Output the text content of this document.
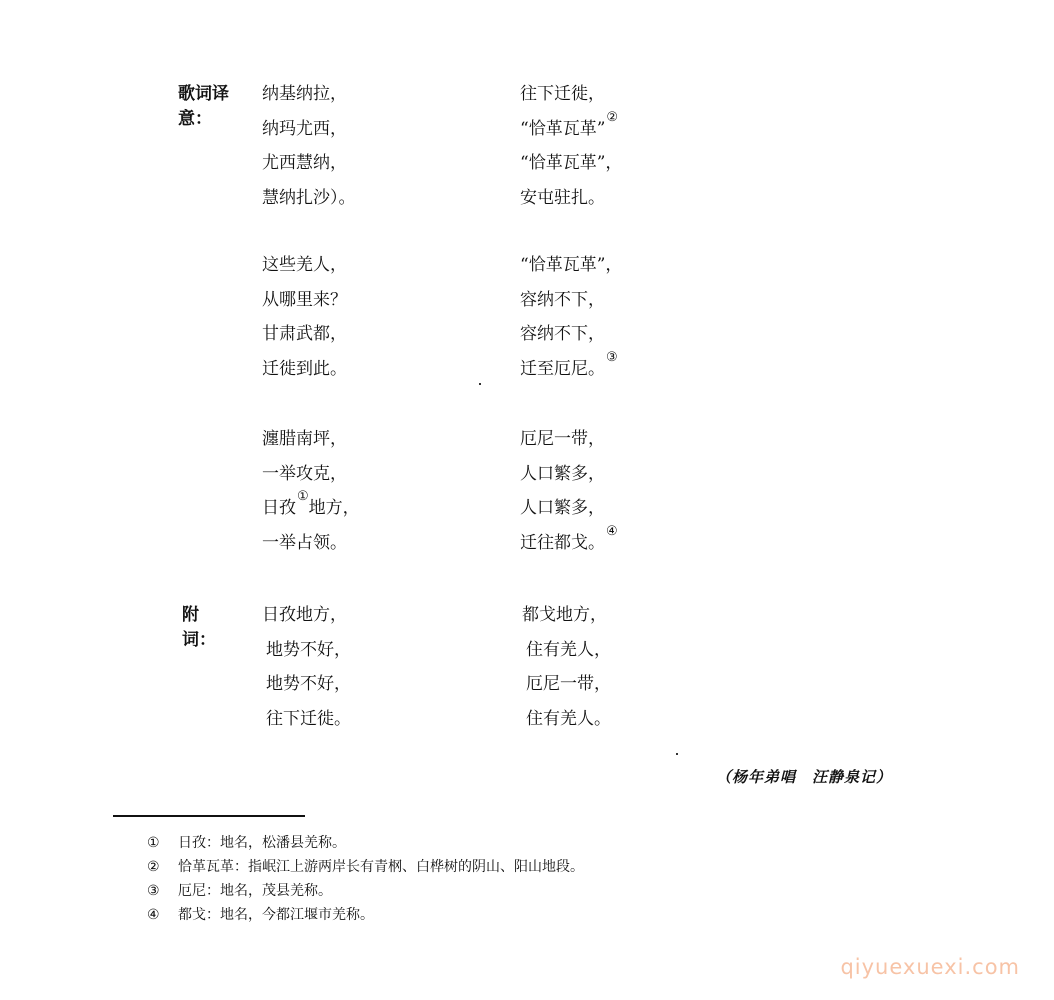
歌词译意：
纳基纳拉，
纳玛尤西，
尤西慧纳，
慧纳扎沙）。
往下迁徙，
“恰革瓦革”②
“恰革瓦革”，
安屯驻扎。
这些羌人，
从哪里来？
甘肃武都，
迁徙到此。
“恰革瓦革”，
容纳不下，
容纳不下，
迁至厄尼。③
瀍腊南坪，
一举攻克，
日孜①地方，
一举占领。
厄尼一带，
人口繁多，
人口繁多，
迁往都戈。④
附词：
日孜地方，
地势不好，
地势不好，
往下迁徙。
都戈地方，
住有羌人，
厄尼一带，
住有羌人。
（杨年弟唱　汪静泉记）
① 日孜：地名，松潘县羌称。
② 恰革瓦革：指岷江上游两岸长有青㭎、白桦树的阴山、阳山地段。
③ 厄尼：地名，茂县羌称。
④ 都戈：地名，今都江堰市羌称。
qiyuexuexi.com
